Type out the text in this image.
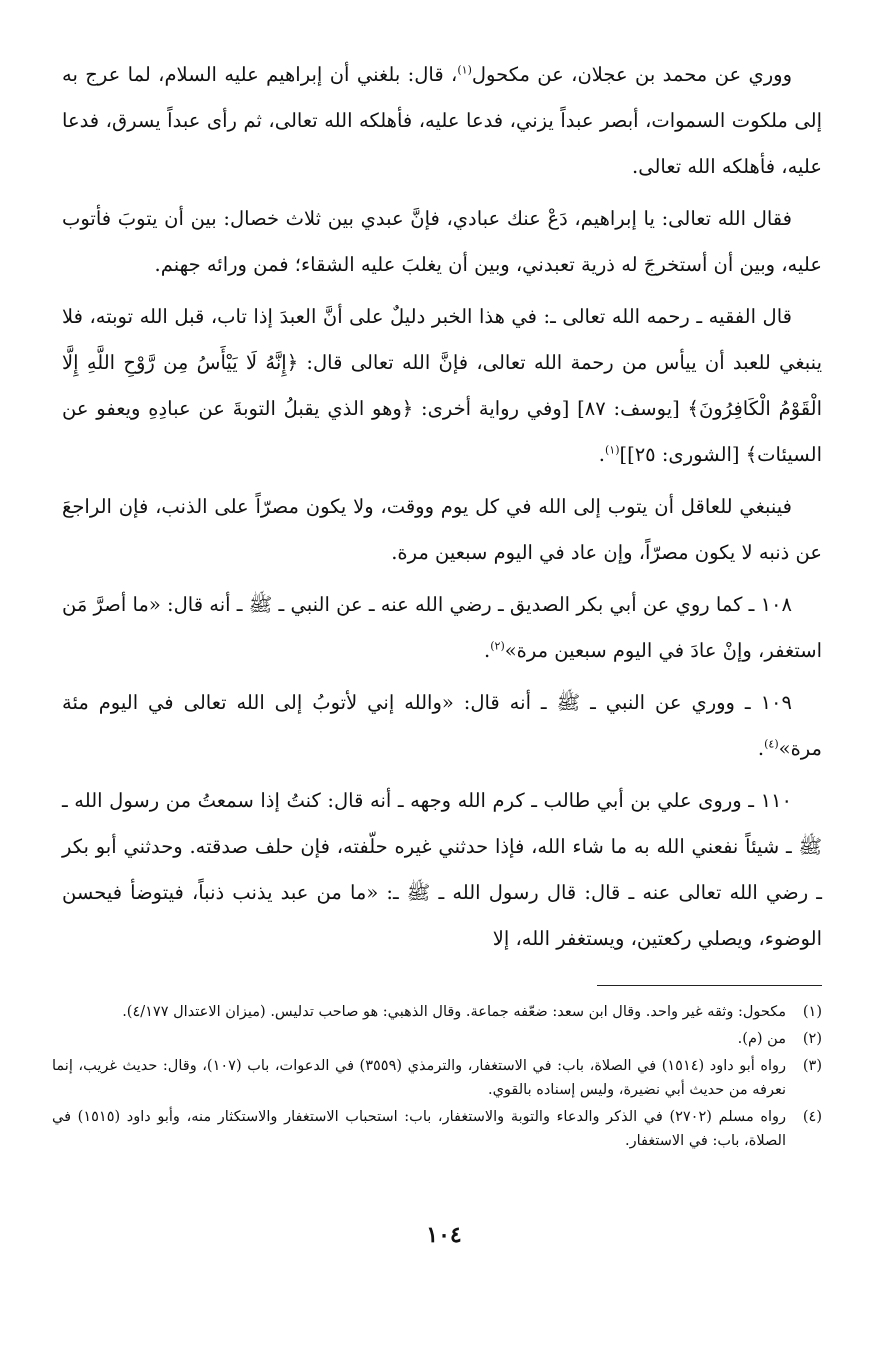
ووري عن محمد بن عجلان، عن مكحول$^{(١)}$، قال: بلغني أن إبراهيم عليه السلام، لما عرج به إلى ملكوت السموات، أبصر عبداً يزني، فدعا عليه، فأهلكه الله تعالى، ثم رأى عبداً يسرق، فدعا عليه، فأهلكه الله تعالى.

فقال الله تعالى: يا إبراهيم، دَعْ عنك عبادي، فإنَّ عبدي بين ثلاث خصال: بين أن يتوبَ فأتوب عليه، وبين أن أستخرجَ له ذرية تعبدني، وبين أن يغلبَ عليه الشقاء؛ فمن ورائه جهنم.

قال الفقيه ـ رحمه الله تعالى ـ: في هذا الخبر دليلٌ على أنَّ العبدَ إذا تاب، قبل الله توبته، فلا ينبغي للعبد أن ييأس من رحمة الله تعالى، فإنَّ الله تعالى قال: ﴿إِنَّهُ لَا يَيْأَسُ مِن رَّوْحِ اللَّهِ إِلَّا الْقَوْمُ الْكَافِرُونَ﴾ [يوسف: ٨٧] [وفي رواية أخرى: ﴿وهو الذي يقبلُ التوبةَ عن عبادِهِ ويعفو عن السيئات﴾ [الشورى: ٢٥]]$^{(١)}$.

فينبغي للعاقل أن يتوب إلى الله في كل يوم ووقت، ولا يكون مصرّاً على الذنب، فإن الراجعَ عن ذنبه لا يكون مصرّاً، وإن عاد في اليوم سبعين مرة.

١٠٨ ـ كما روي عن أبي بكر الصديق ـ رضي الله عنه ـ عن النبي ـ ﷺ ـ أنه قال: «ما أصرَّ مَن استغفر، وإنْ عادَ في اليوم سبعين مرة»$^{(٢)}$.

١٠٩ ـ ووري عن النبي ـ ﷺ ـ أنه قال: «والله إني لأتوبُ إلى الله تعالى في اليوم مئة مرة»$^{(٤)}$.

١١٠ ـ وروى علي بن أبي طالب ـ كرم الله وجهه ـ أنه قال: كنتُ إذا سمعتُ من رسول الله ـ ﷺ ـ شيئاً نفعني الله به ما شاء الله، فإذا حدثني غيره حلّفته، فإن حلف صدقته. وحدثني أبو بكر ـ رضي الله تعالى عنه ـ قال: قال رسول الله ـ ﷺ ـ: «ما من عبد يذنب ذنباً، فيتوضأ فيحسن الوضوء، ويصلي ركعتين، ويستغفر الله، إلا

(١)
مكحول: وثقه غير واحد. وقال ابن سعد: ضعّفه جماعة. وقال الذهبي: هو صاحب تدليس. (ميزان الاعتدال ٤/١٧٧).
(٢)
من (م).
(٣)
رواه أبو داود (١٥١٤) في الصلاة، باب: في الاستغفار، والترمذي (٣٥٥٩) في الدعوات، باب (١٠٧)، وقال: حديث غريب، إنما نعرفه من حديث أبي نضيرة، وليس إسناده بالقوي.
(٤)
رواه مسلم (٢٧٠٢) في الذكر والدعاء والتوبة والاستغفار، باب: استحباب الاستغفار والاستكثار منه، وأبو داود (١٥١٥) في الصلاة، باب: في الاستغفار.
١٠٤
